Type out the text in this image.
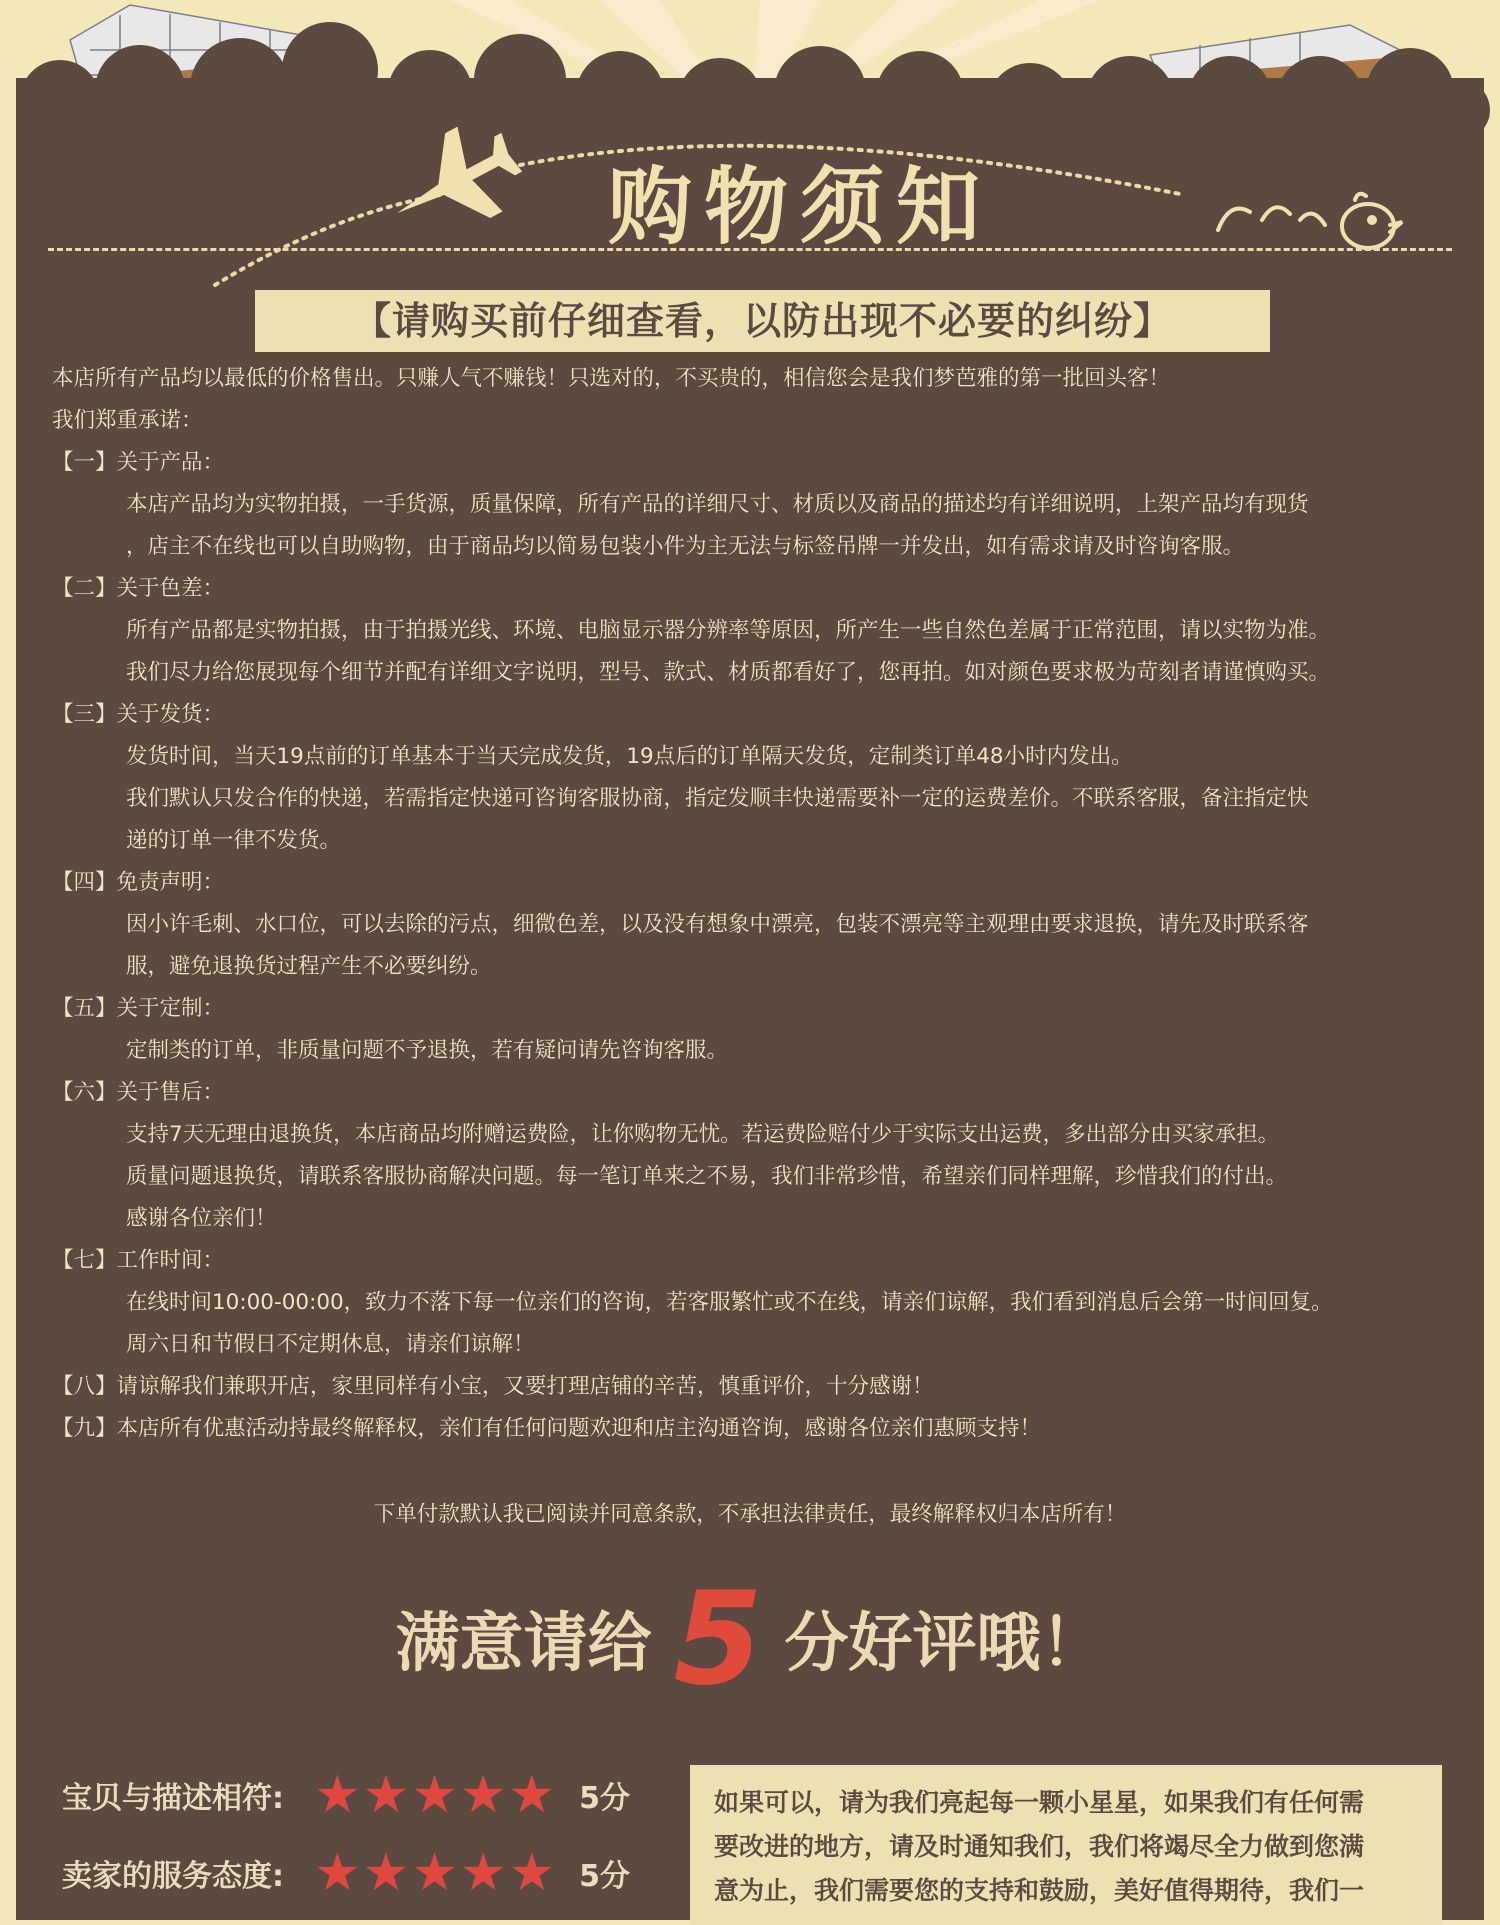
购物须知
【请购买前仔细查看，以防出现不必要的纠纷】

本店所有产品均以最低的价格售出。只赚人气不赚钱！只选对的，不买贵的，相信您会是我们梦芭雅的第一批回头客！

我们郑重承诺：

【一】关于产品：

本店产品均为实物拍摄，一手货源，质量保障，所有产品的详细尺寸、材质以及商品的描述均有详细说明，上架产品均有现货

，店主不在线也可以自助购物，由于商品均以简易包装小件为主无法与标签吊牌一并发出，如有需求请及时咨询客服。

【二】关于色差：

所有产品都是实物拍摄，由于拍摄光线、环境、电脑显示器分辨率等原因，所产生一些自然色差属于正常范围，请以实物为准。

我们尽力给您展现每个细节并配有详细文字说明，型号、款式、材质都看好了，您再拍。如对颜色要求极为苛刻者请谨慎购买。

【三】关于发货：

发货时间，当天19点前的订单基本于当天完成发货，19点后的订单隔天发货，定制类订单48小时内发出。

我们默认只发合作的快递，若需指定快递可咨询客服协商，指定发顺丰快递需要补一定的运费差价。不联系客服，备注指定快

递的订单一律不发货。

【四】免责声明：

因小许毛刺、水口位，可以去除的污点，细微色差，以及没有想象中漂亮，包装不漂亮等主观理由要求退换，请先及时联系客

服，避免退换货过程产生不必要纠纷。

【五】关于定制：

定制类的订单，非质量问题不予退换，若有疑问请先咨询客服。

【六】关于售后：

支持7天无理由退换货，本店商品均附赠运费险，让你购物无忧。若运费险赔付少于实际支出运费，多出部分由买家承担。

质量问题退换货，请联系客服协商解决问题。每一笔订单来之不易，我们非常珍惜，希望亲们同样理解，珍惜我们的付出。

感谢各位亲们！

【七】工作时间：

在线时间10:00-00:00，致力不落下每一位亲们的咨询，若客服繁忙或不在线，请亲们谅解，我们看到消息后会第一时间回复。

周六日和节假日不定期休息，请亲们谅解！

【八】请谅解我们兼职开店，家里同样有小宝，又要打理店铺的辛苦，慎重评价，十分感谢！

【九】本店所有优惠活动持最终解释权，亲们有任何问题欢迎和店主沟通咨询，感谢各位亲们惠顾支持！

下单付款默认我已阅读并同意条款，不承担法律责任，最终解释权归本店所有！

满意请给 5 分好评哦！
宝贝与描述相符: ★ ★ ★ ★ ★ 5分
卖家的服务态度: ★ ★ ★ ★ ★ 5分
如果可以，请为我们亮起每一颗小星星，如果我们有任何需
要改进的地方，请及时通知我们，我们将竭尽全力做到您满
意为止，我们需要您的支持和鼓励，美好值得期待，我们一
